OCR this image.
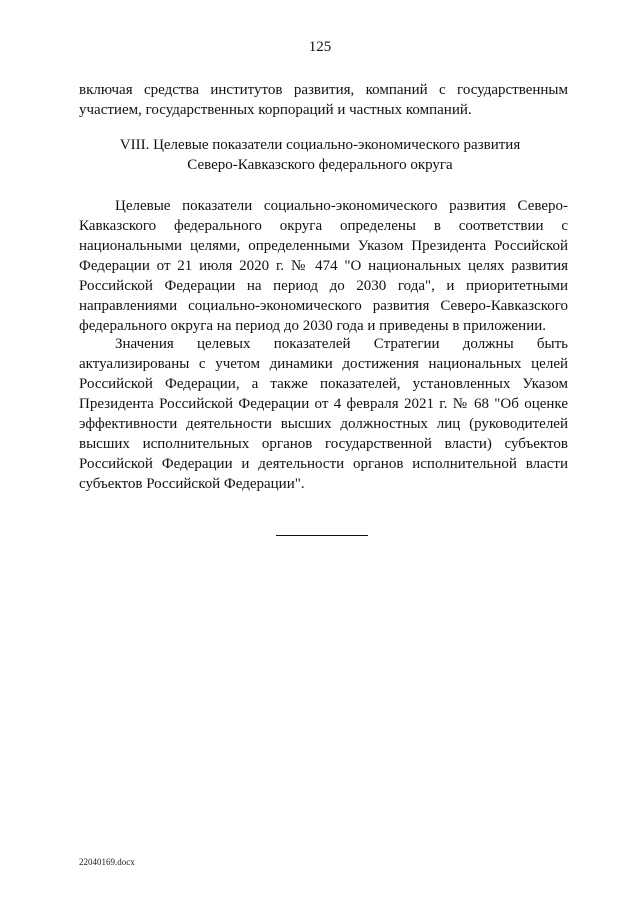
125
включая средства институтов развития, компаний с государственным
участием, государственных корпораций и частных компаний.
VIII. Целевые показатели социально-экономического развития
Северо-Кавказского федерального округа
Целевые показатели социально-экономического развития Северо-
Кавказского федерального округа определены в соответствии с
национальными целями, определенными Указом Президента Российской
Федерации от 21 июля 2020 г. № 474 "О национальных целях развития
Российской Федерации на период до 2030 года", и приоритетными
направлениями социально-экономического развития Северо-Кавказского
федерального округа на период до 2030 года и приведены в приложении.
Значения целевых показателей Стратегии должны быть
актуализированы с учетом динамики достижения национальных целей
Российской Федерации, а также показателей, установленных Указом
Президента Российской Федерации от 4 февраля 2021 г. № 68 "Об оценке
эффективности деятельности высших должностных лиц (руководителей
высших исполнительных органов государственной власти) субъектов
Российской Федерации и деятельности органов исполнительной власти
субъектов Российской Федерации".
22040169.docx
